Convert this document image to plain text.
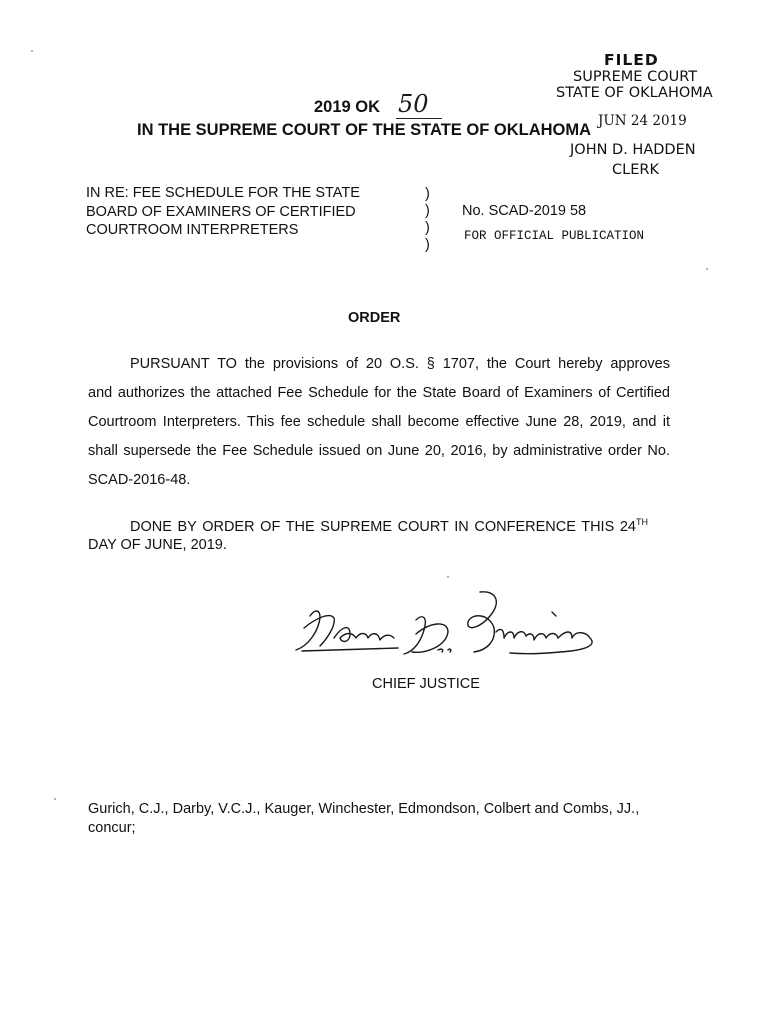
FILED
SUPREME COURT
STATE OF OKLAHOMA
JUN 24 2019
JOHN D. HADDEN
CLERK
2019 OK 50
IN THE SUPREME COURT OF THE STATE OF OKLAHOMA
IN RE: FEE SCHEDULE FOR THE STATE
BOARD OF EXAMINERS OF CERTIFIED
COURTROOM INTERPRETERS
)
)
)
)
No. SCAD-2019 58
FOR OFFICIAL PUBLICATION
ORDER
PURSUANT TO the provisions of 20 O.S. § 1707, the Court hereby approves
and authorizes the attached Fee Schedule for the State Board of Examiners of Certified
Courtroom Interpreters. This fee schedule shall become effective June 28, 2019, and it
shall supersede the Fee Schedule issued on June 20, 2016, by administrative order No.
SCAD-2016-48.
DONE BY ORDER OF THE SUPREME COURT IN CONFERENCE THIS 24TH
DAY OF JUNE, 2019.
CHIEF JUSTICE
Gurich, C.J., Darby, V.C.J., Kauger, Winchester, Edmondson, Colbert and Combs, JJ., concur;
